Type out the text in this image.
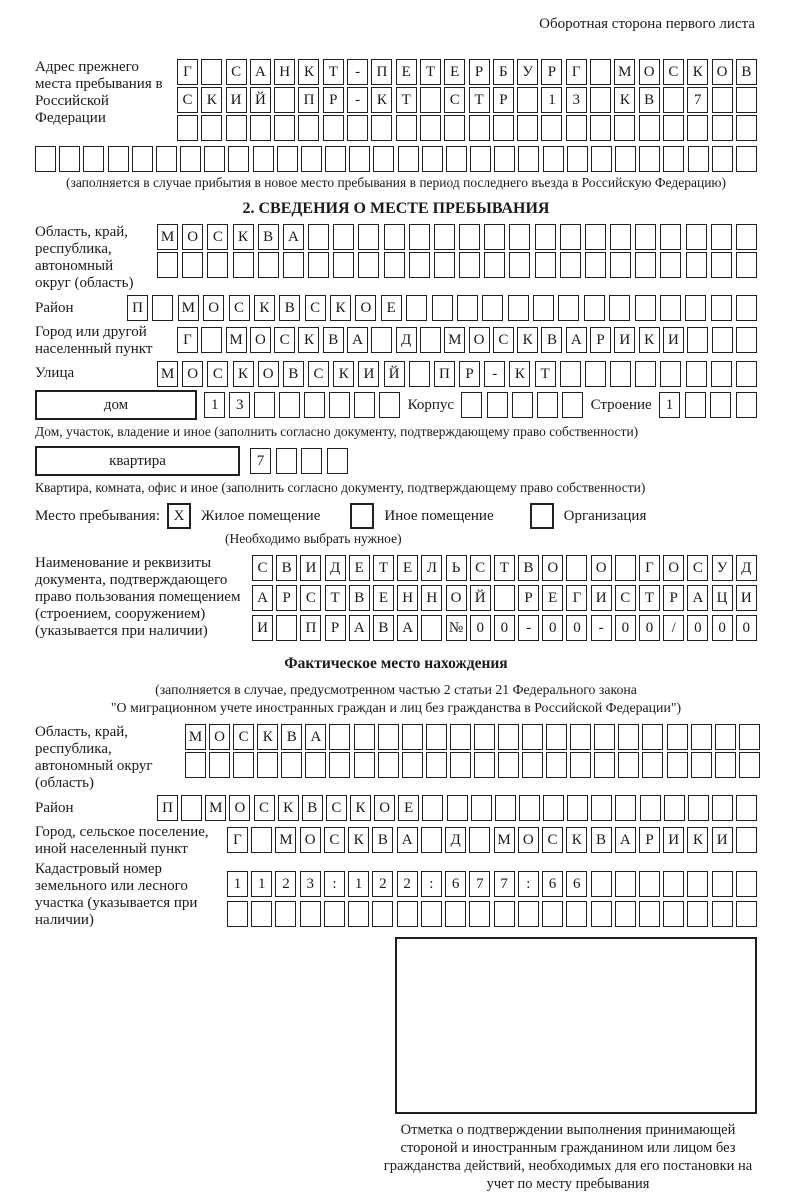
Оборотная сторона первого листа
Адрес прежнего места пребывания в Российской Федерации
Г	С А Н К Т	-	П Е	Т	Е	Р	Б У Р	Г	М О С К О В
С К И Й	П Р	-	К Т	С Т	Р	1	3	К В	7
(заполняется в случае прибытия в новое место пребывания в период последнего въезда в Российскую Федерацию)
2. СВЕДЕНИЯ О МЕСТЕ ПРЕБЫВАНИЯ
Область, край, республика, автономный округ (область)
М О С	К	В А
Район	П	М О С	К	В	С	К О	Е
Город или другой населенный пункт
Г	М О С К В А	Д	М О С К В А Р И К И
Улица	М О С	К О В	С	К И Й	П	Р	-	К	Т
дом	1	3	Корпус	Строение 1
Дом, участок, владение и иное (заполнить согласно документу, подтверждающему право собственности)
квартира	7
Квартира, комната, офис и иное (заполнить согласно документу, подтверждающему право собственности)
Место пребывания: X	Жилое помещение	Иное помещение	Организация
(Необходимо выбрать нужное)
Наименование и реквизиты документа, подтверждающего право пользования помещением (строением, сооружением) (указывается при наличии)
С В И Д Е	Т	Е Л Ь С Т В О	О	Г О С У Д
А Р	С Т В Е Н Н О Й	Р	Е	Г И С Т	Р А Ц И
И	П Р А В А	№ 0	0	-	0	0	-	0	0	/	0	0	0
Фактическое место нахождения
(заполняется в случае, предусмотренном частью 2 статьи 21 Федерального закона
"О миграционном учете иностранных граждан и лиц без гражданства в Российской Федерации")
Область, край, республика, автономный округ (область)
М О С К В А
Район	П	М О С К В С К О Е
Город, сельское поселение, иной населенный пункт
Г	М О С К В А	Д	М О С К В А Р И К И
Кадастровый номер земельного или лесного участка (указывается при наличии)
1	1	2	3	:	1	2	2	:	6	7	7	:	6	6
Отметка о подтверждении выполнения принимающей стороной и иностранным гражданином или лицом без гражданства действий, необходимых для его постановки на учет по месту пребывания
